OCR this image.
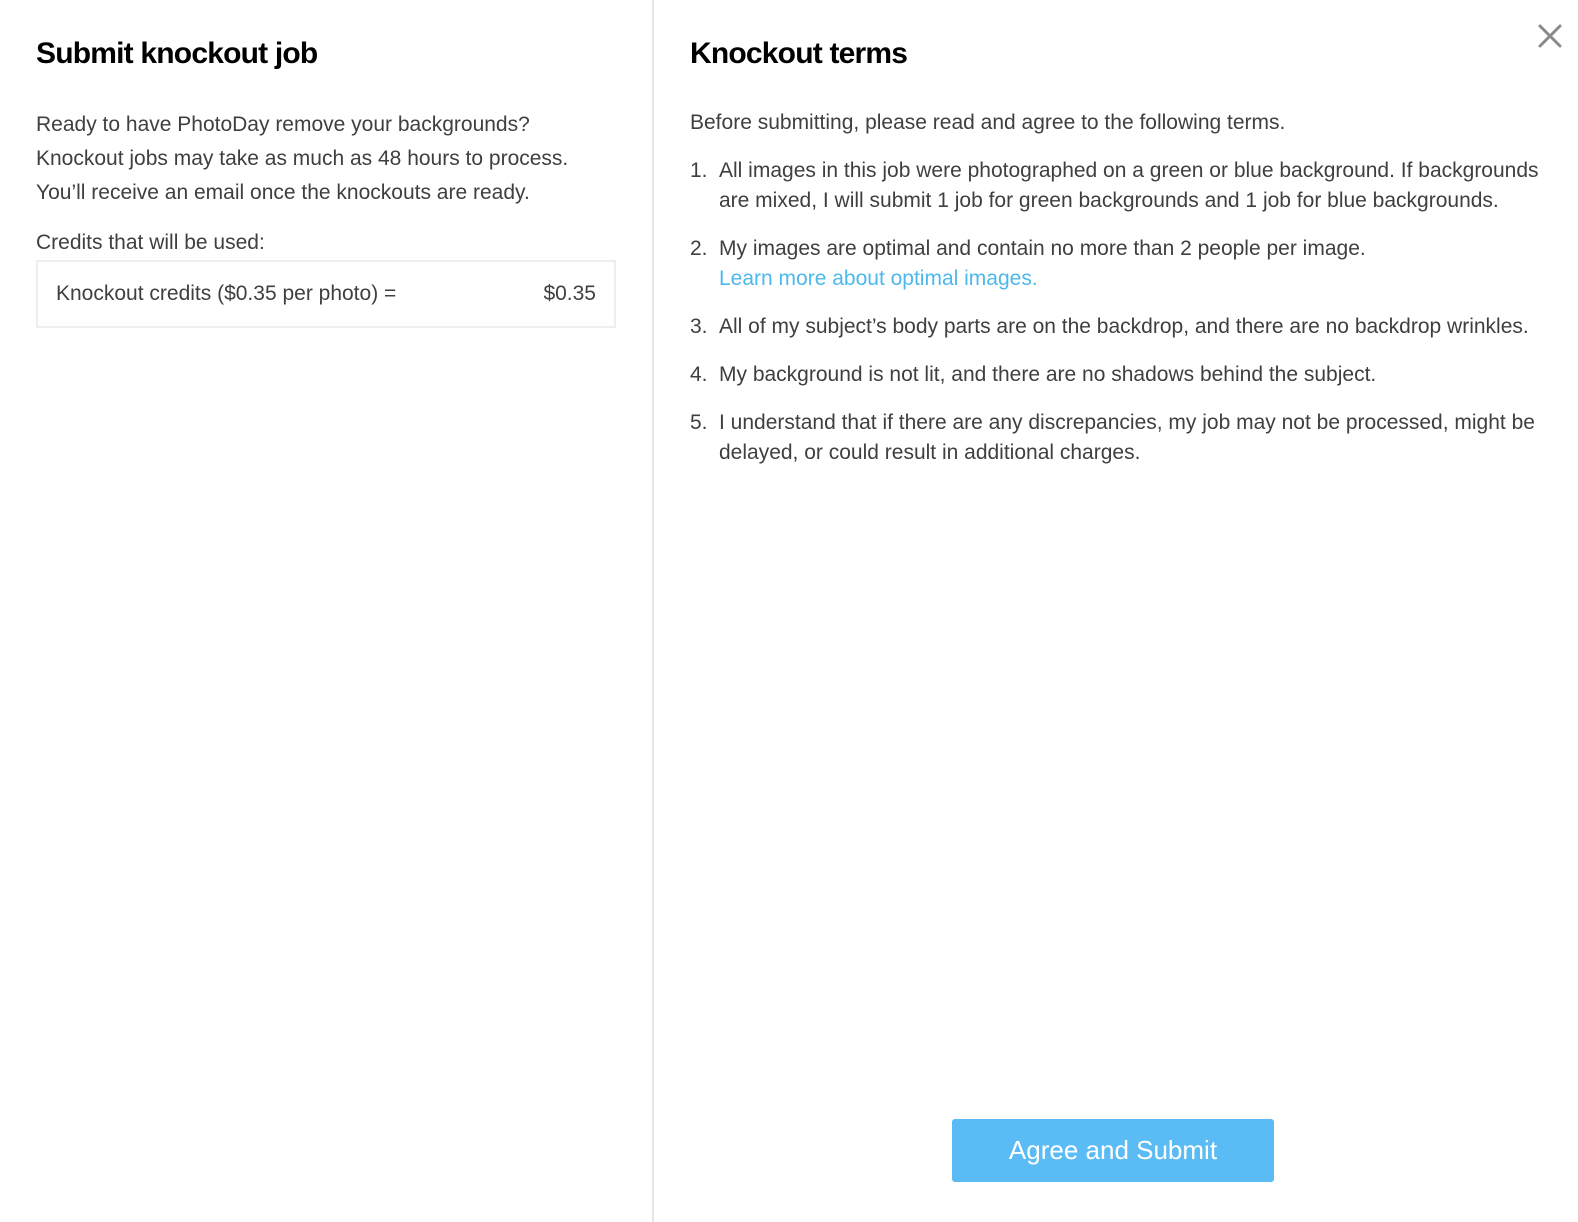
Submit knockout job

Ready to have PhotoDay remove your backgrounds?
Knockout jobs may take as much as 48 hours to process.
You’ll receive an email once the knockouts are ready.

Credits that will be used:
Knockout credits ($0.35 per photo) =	$0.35
Knockout terms

Before submitting, please read and agree to the following terms.

1. All images in this job were photographed on a green or blue background. If backgrounds are mixed, I will submit 1 job for green backgrounds and 1 job for blue backgrounds.
2. My images are optimal and contain no more than 2 people per image.
Learn more about optimal images.
3. All of my subject’s body parts are on the backdrop, and there are no backdrop wrinkles.
4. My background is not lit, and there are no shadows behind the subject.
5. I understand that if there are any discrepancies, my job may not be processed, might be delayed, or could result in additional charges.
Agree and Submit
